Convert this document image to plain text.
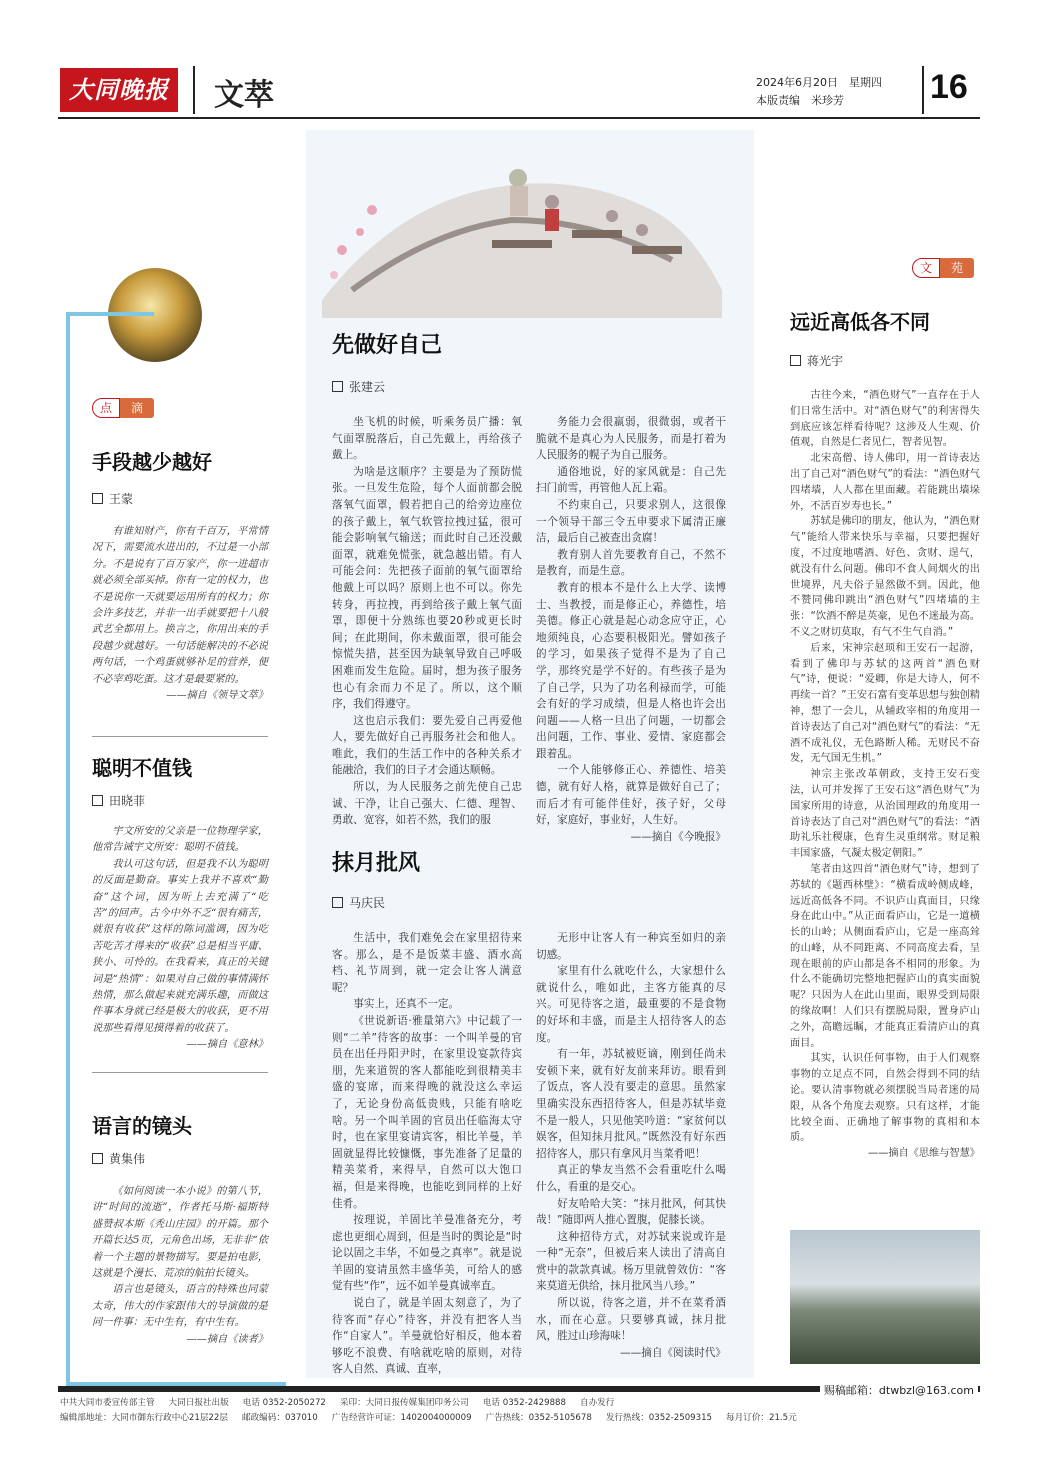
大同晚报	文萃	2024年6月20日　星期四
本版责编　米珍芳	16
点 滴
手段越少越好
王蒙

有谁知财产，你有千百万，平常情况下，需要流水进出的，不过是一小部分。不是说有了百万家产，你一进超市就必须全部买掉。你有一定的权力，也不是说你一天就要运用所有的权力；你会许多技艺，并非一出手就要把十八般武艺全都用上。换言之，你用出来的手段越少就越好。一句话能解决的不必说两句话，一个鸡蛋就够补足的营养，便不必宰鸡吃蛋。这才是最要紧的。

——摘自《领导文萃》
聪明不值钱
田晓菲

宇文所安的父亲是一位物理学家，他常告诫宇文所安：聪明不值钱。

我认可这句话，但是我不认为聪明的反面是勤奋。事实上我并不喜欢“勤奋”这个词，因为听上去充满了“吃苦”的回声。古今中外不乏“很有痛苦，就很有收获”这样的陈词滥调，因为吃苦吃苦才得来的“收获”总是相当平庸、狭小、可怜的。在我看来，真正的关键词是“热情”：如果对自己做的事情满怀热情，那么做起来就充满乐趣，而做这件事本身就已经是极大的收获，更不用说那些看得见摸得着的收获了。

——摘自《意林》
语言的镜头
黄集伟

《如何阅读一本小说》的第八节，讲“时间的流逝”，作者托马斯·福斯特盛赞叔本斯《秃山庄园》的开篇。那个开篇长达5页，元角色出场，无非非“依着一个主题的景物描写。要是拍电影，这就是个漫长、荒凉的航拍长镜头。

语言也是镜头，语言的特殊也同蒙太奇，伟大的作家跟伟大的导演做的是同一件事：无中生有，有中生有。

——摘自《读者》
先做好自己
张建云

坐飞机的时候，听乘务员广播：氧气面罩脱落后，自己先戴上，再给孩子戴上。

为啥是这顺序？主要是为了预防慌张。一旦发生危险，每个人面前都会脱落氧气面罩，假若把自己的给旁边座位的孩子戴上，氧气软管拉拽过猛，很可能会影响氧气输送；而此时自己还没戴面罩，就难免慌张，就急越出错。有人可能会问：先把孩子面前的氧气面罩给他戴上可以吗？原则上也不可以。你先转身，再拉拽，再到给孩子戴上氧气面罩，即便十分熟练也要20秒或更长时间；在此期间，你未戴面罩，很可能会惊慌失措，甚至因为缺氧导致自己呼吸困难而发生危险。届时，想为孩子服务也心有余而力不足了。所以，这个顺序，我们得遵守。

这也启示我们：要先爱自己再爱他人，要先做好自己再服务社会和他人。唯此，我们的生活工作中的各种关系才能融洽，我们的日子才会通达顺畅。

所以，为人民服务之前先使自己忠诚、干净，让自己强大、仁德、理智、勇敢、宽容，如若不然，我们的服

务能力会很羸弱，很微弱，或者干脆就不是真心为人民服务，而是打着为人民服务的幌子为自己服务。

通俗地说，好的家风就是：自己先扫门前雪，再管他人瓦上霜。

不约束自己，只要求别人，这很像一个领导干部三令五申要求下属清正廉洁，最后自己被查出贪腐！

教育别人首先要教育自己，不然不是教育，而是生意。

教育的根本不是什么上大学、读博士、当教授，而是修正心，养德性，培美德。修正心就是起心动念应守正，心地须纯良，心态要积极阳光。譬如孩子的学习，如果孩子觉得不是为了自己学，那终究是学不好的。有些孩子是为了自己学，只为了功名利禄而学，可能会有好的学习成绩，但是人格也许会出问题——人格一旦出了问题，一切都会出问题，工作、事业、爱情、家庭都会跟着乱。

一个人能够修正心、养德性、培美德，就有好人格，就算是做好自己了；而后才有可能伴佳好，孩子好，父母好，家庭好，事业好，人生好。

——摘自《今晚报》
抹月批风
马庆民

生活中，我们难免会在家里招待来客。那么，是不是饭菜丰盛、酒水高档、礼节周到，就一定会让客人满意呢？

事实上，还真不一定。

《世说新语·雅量第六》中记载了一则“二羊”待客的故事：一个叫羊曼的官员在出任丹阳尹时，在家里设宴款待宾朋，先来道贺的客人都能吃到很精美丰盛的宴席，而来得晚的就没这么幸运了，无论身份高低贵贱，只能有啥吃啥。另一个叫羊固的官员出任临海太守时，也在家里宴请宾客，相比羊曼，羊固就显得比较慷慨，事先准备了足量的精美菜肴，来得早，自然可以大饱口福，但是来得晚，也能吃到同样的上好佳肴。

按理说，羊固比羊曼准备充分，考虑也更细心周到，但是当时的舆论是“时论以固之丰华，不如曼之真率”。就是说羊固的宴请虽然丰盛华美，可给人的感觉有些“作”，远不如羊曼真诚率直。

说白了，就是羊固太刻意了，为了待客而“存心”待客，并没有把客人当作“自家人”。羊曼就恰好相反，他本着够吃不浪费、有啥就吃啥的原则，对待客人自然、真诚、直率，

无形中让客人有一种宾至如归的亲切感。

家里有什么就吃什么，大家想什么就说什么，唯如此，主客方能真的尽兴。可见待客之道，最重要的不是食物的好坏和丰盛，而是主人招待客人的态度。

有一年，苏轼被贬谪，刚到任尚未安顿下来，就有好友前来拜访。眼看到了饭点，客人没有要走的意思。虽然家里确实没东西招待客人，但是苏轼毕竟不是一般人，只见他笑吟道：“家贫何以娱客，但知抹月批风。”既然没有好东西招待客人，那只有拿风月当菜肴吧！

真正的挚友当然不会看重吃什么喝什么，看重的是交心。

好友哈哈大笑：“抹月批风，何其快哉！”随即两人推心置腹，促膝长谈。

这种招待方式，对苏轼来说或许是一种“无奈”，但被后来人读出了清高自赏中的款款真诚。杨万里就曾效仿：“客来莫道无供给，抹月批风当八珍。”

所以说，待客之道，并不在菜肴酒水，而在心意。只要够真诚，抹月批风，胜过山珍海味！

——摘自《阅读时代》
文 苑
远近高低各不同
蒋光宇

古往今来，“酒色财气”一直存在于人们日常生活中。对“酒色财气”的利害得失到底应该怎样看待呢？这涉及人生观、价值观，自然是仁者见仁，智者见智。

北宋高僧、诗人佛印，用一首诗表达出了自己对“酒色财气”的看法：“酒色财气四堵墙，人人都在里面藏。若能跳出墙垛外，不活百岁寿也长。”

苏轼是佛印的朋友，他认为，“酒色财气”能给人带来快乐与幸福，只要把握好度，不过度地嗜酒、好色、贪财、逞气，就没有什么问题。佛印不食人间烟火的出世境界，凡夫俗子显然做不到。因此，他不赞同佛印跳出“酒色财气”四堵墙的主张：“饮酒不醉是英豪，见色不迷最为高。不义之财切莫取，有气不生气自消。”

后来，宋神宗赵顼和王安石一起游，看到了佛印与苏轼的这两首“酒色财气”诗，便说：“爱卿，你是大诗人，何不再续一首？”王安石富有变革思想与独创精神，想了一会儿，从辅政宰相的角度用一首诗表达了自己对“酒色财气”的看法：“无酒不成礼仪，无色路断人稀。无财民不奋发，无气国无生机。”

神宗主张改革朝政，支持王安石变法，认可并发挥了王安石这“酒色财气”为国家所用的诗意，从治国理政的角度用一首诗表达了自己对“酒色财气”的看法：“酒助礼乐社稷康，色育生灵重纲常。财足粮丰国家盛，气凝太极定朝阳。”

笔者由这四首“酒色财气”诗，想到了苏轼的《题西林壁》：“横看成岭侧成峰，远近高低各不同。不识庐山真面目，只缘身在此山中。”从正面看庐山，它是一道横长的山岭；从侧面看庐山，它是一座高耸的山峰，从不同距离、不同高度去看，呈现在眼前的庐山都是各不相同的形象。为什么不能确切完整地把握庐山的真实面貌呢？只因为人在此山里面，眼界受到局限的缘故啊！人们只有摆脱局限，置身庐山之外，高瞻远瞩，才能真正看清庐山的真面目。

其实，认识任何事物，由于人们观察事物的立足点不同，自然会得到不同的结论。要认清事物就必须摆脱当局者迷的局限，从各个角度去观察。只有这样，才能比较全面、正确地了解事物的真相和本质。

——摘自《思维与智慧》
赐稿邮箱：dtwbzl@163.com
中共大同市委宣传部主管 大同日报社出版 电话 0352-2050272 采印：大同日报传媒集团印务公司 电话 0352-2429888 自办发行
编辑部地址：大同市御东行政中心21层22层 邮政编码：037010 广告经营许可证：1402004000009 广告热线：0352-5105678 发行热线：0352-2509315 每月订价：21.5元
